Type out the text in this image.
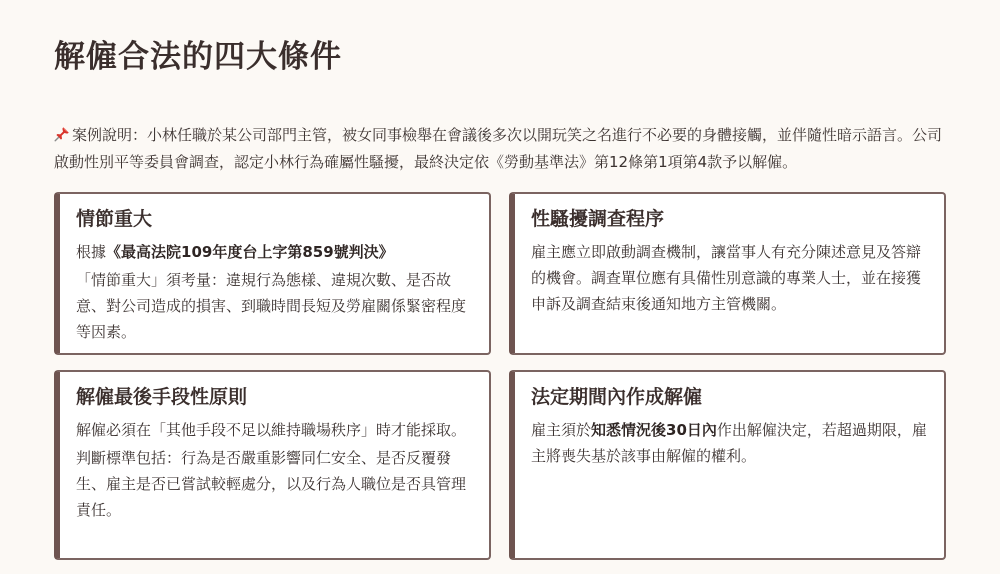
解僱合法的四大條件
案例說明：小林任職於某公司部門主管，被女同事檢舉在會議後多次以開玩笑之名進行不必要的身體接觸，並伴隨性暗示語言。公司啟動性別平等委員會調查，認定小林行為確屬性騷擾，最終決定依《勞動基準法》第12條第1項第4款予以解僱。
情節重大

根據《最高法院109年度台上字第859號判決》

「情節重大」須考量：違規行為態樣、違規次數、是否故意、對公司造成的損害、到職時間長短及勞雇關係緊密程度等因素。

性騷擾調查程序

雇主應立即啟動調查機制，讓當事人有充分陳述意見及答辯的機會。調查單位應有具備性別意識的專業人士，並在接獲申訴及調查結束後通知地方主管機關。

解僱最後手段性原則

解僱必須在「其他手段不足以維持職場秩序」時才能採取。

判斷標準包括：行為是否嚴重影響同仁安全、是否反覆發生、雇主是否已嘗試較輕處分，以及行為人職位是否具管理責任。

法定期間內作成解僱

雇主須於知悉情況後30日內作出解僱決定，若超過期限，雇主將喪失基於該事由解僱的權利。
